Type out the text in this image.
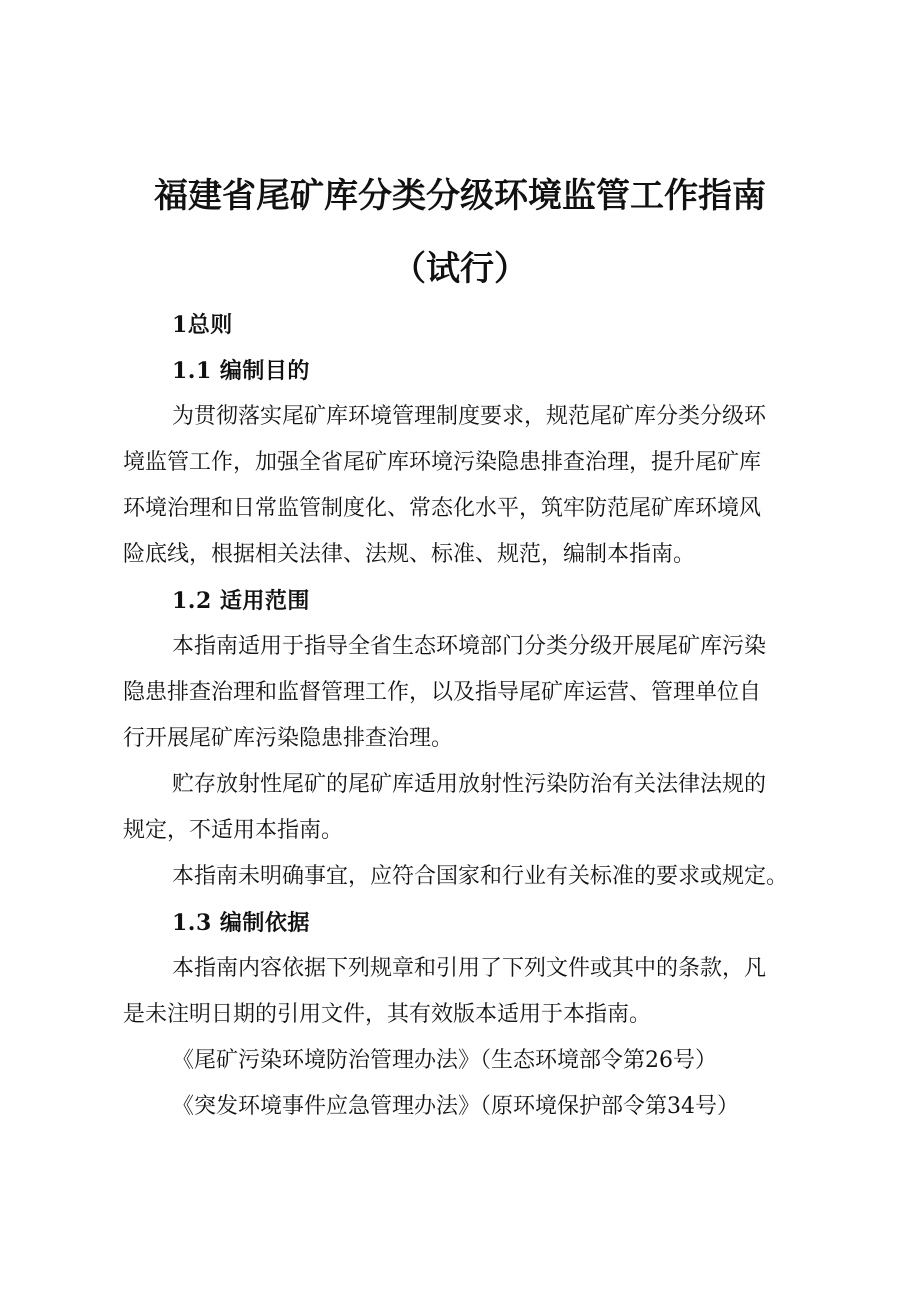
福建省尾矿库分类分级环境监管工作指南
（试行）
1总则
1.1 编制目的
为贯彻落实尾矿库环境管理制度要求，规范尾矿库分类分级环
境监管工作，加强全省尾矿库环境污染隐患排查治理，提升尾矿库
环境治理和日常监管制度化、常态化水平，筑牢防范尾矿库环境风
险底线，根据相关法律、法规、标准、规范，编制本指南。
1.2 适用范围
本指南适用于指导全省生态环境部门分类分级开展尾矿库污染
隐患排查治理和监督管理工作，以及指导尾矿库运营、管理单位自
行开展尾矿库污染隐患排查治理。
贮存放射性尾矿的尾矿库适用放射性污染防治有关法律法规的
规定，不适用本指南。
本指南未明确事宜，应符合国家和行业有关标准的要求或规定。
1.3 编制依据
本指南内容依据下列规章和引用了下列文件或其中的条款，凡
是未注明日期的引用文件，其有效版本适用于本指南。
《尾矿污染环境防治管理办法》（生态环境部令第26号）
《突发环境事件应急管理办法》（原环境保护部令第34号）
